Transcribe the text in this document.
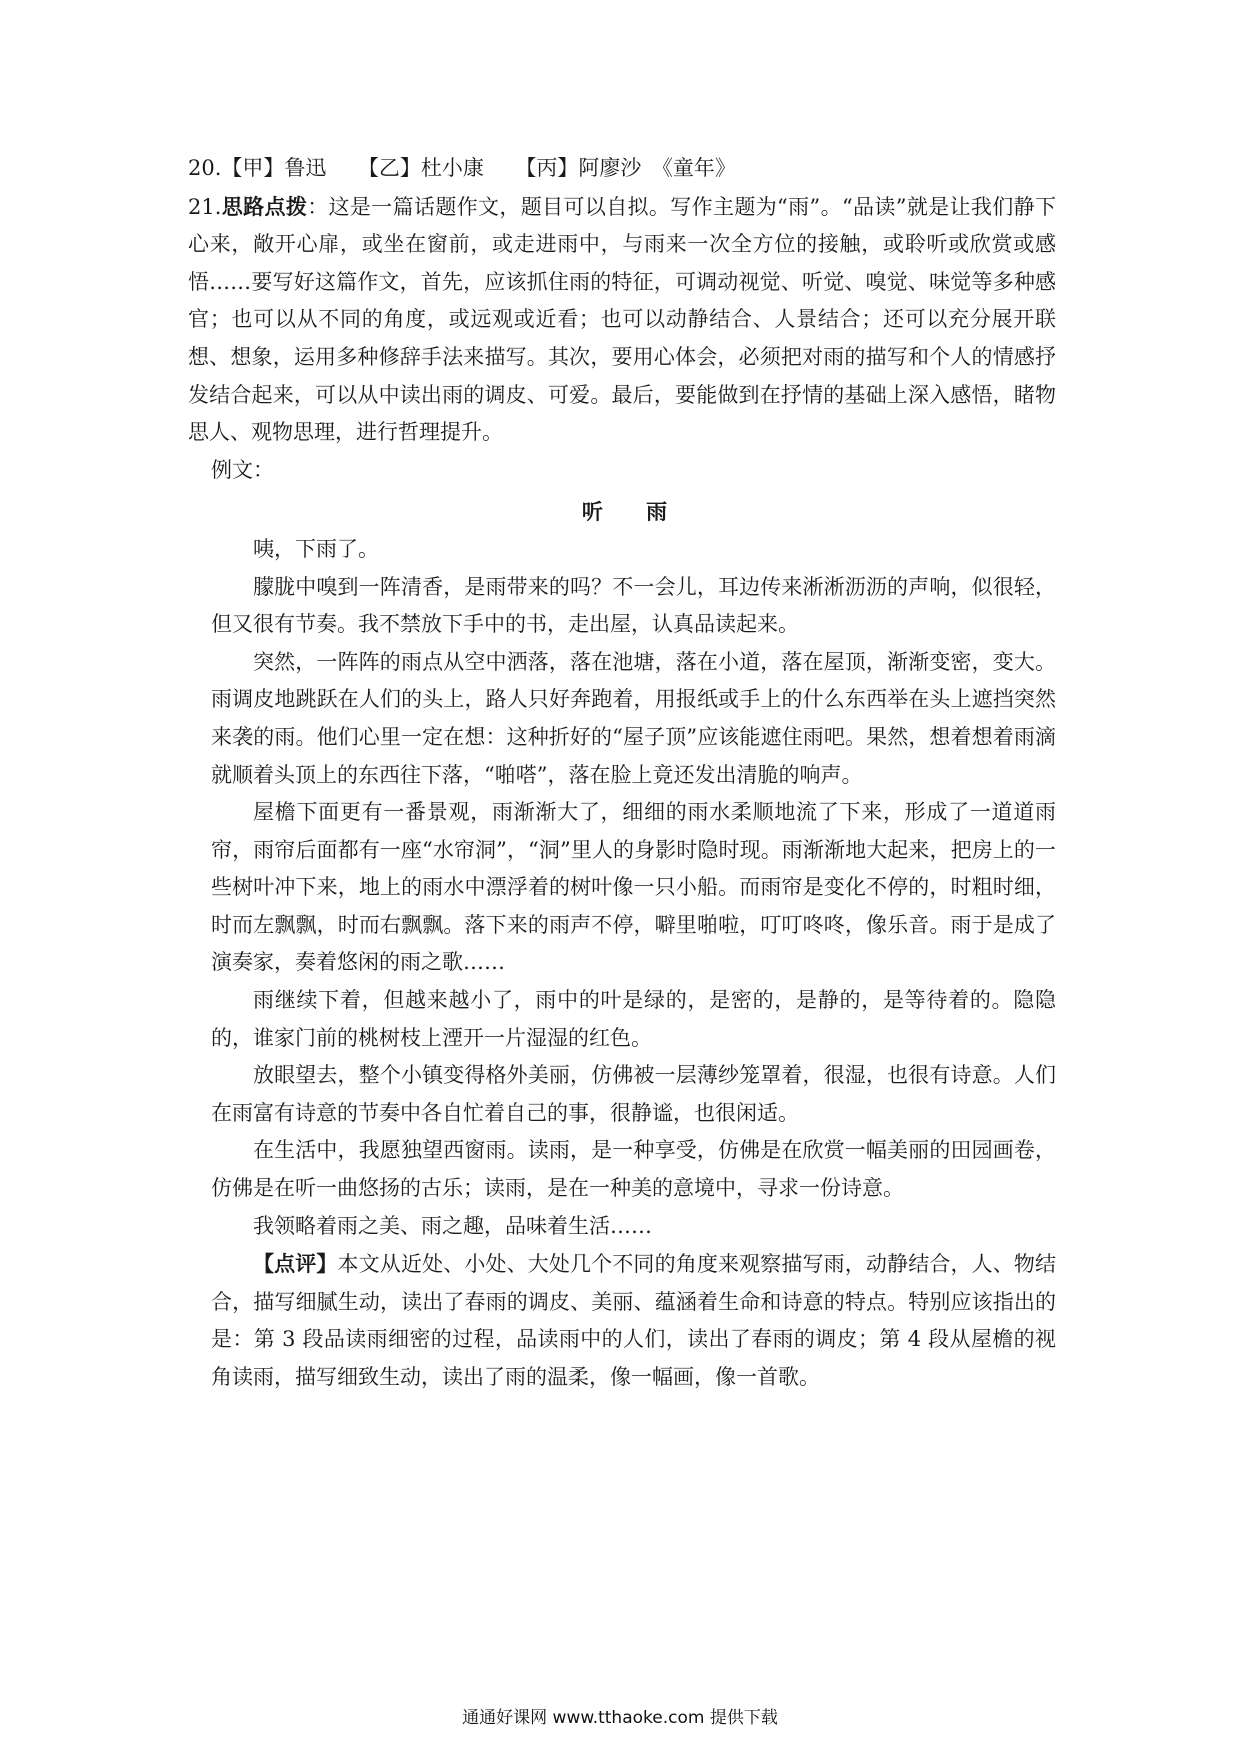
20.【甲】鲁迅　　【乙】杜小康　　【丙】阿廖沙　《童年》

21.思路点拨：这是一篇话题作文，题目可以自拟。写作主题为“雨”。“品读”就是让我们静下心来，敞开心扉，或坐在窗前，或走进雨中，与雨来一次全方位的接触，或聆听或欣赏或感悟……要写好这篇作文，首先，应该抓住雨的特征，可调动视觉、听觉、嗅觉、味觉等多种感官；也可以从不同的角度，或远观或近看；也可以动静结合、人景结合；还可以充分展开联想、想象，运用多种修辞手法来描写。其次，要用心体会，必须把对雨的描写和个人的情感抒发结合起来，可以从中读出雨的调皮、可爱。最后，要能做到在抒情的基础上深入感悟，睹物思人、观物思理，进行哲理提升。

例文：

听 雨

咦，下雨了。

朦胧中嗅到一阵清香，是雨带来的吗？不一会儿，耳边传来淅淅沥沥的声响，似很轻，但又很有节奏。我不禁放下手中的书，走出屋，认真品读起来。

突然，一阵阵的雨点从空中洒落，落在池塘，落在小道，落在屋顶，渐渐变密，变大。雨调皮地跳跃在人们的头上，路人只好奔跑着，用报纸或手上的什么东西举在头上遮挡突然来袭的雨。他们心里一定在想：这种折好的“屋子顶”应该能遮住雨吧。果然，想着想着雨滴就顺着头顶上的东西往下落，“啪嗒”，落在脸上竟还发出清脆的响声。

屋檐下面更有一番景观，雨渐渐大了，细细的雨水柔顺地流了下来，形成了一道道雨帘，雨帘后面都有一座“水帘洞”，“洞”里人的身影时隐时现。雨渐渐地大起来，把房上的一些树叶冲下来，地上的雨水中漂浮着的树叶像一只小船。而雨帘是变化不停的，时粗时细，时而左飘飘，时而右飘飘。落下来的雨声不停，噼里啪啦，叮叮咚咚，像乐音。雨于是成了演奏家，奏着悠闲的雨之歌……

雨继续下着，但越来越小了，雨中的叶是绿的，是密的，是静的，是等待着的。隐隐的，谁家门前的桃树枝上湮开一片湿湿的红色。

放眼望去，整个小镇变得格外美丽，仿佛被一层薄纱笼罩着，很湿，也很有诗意。人们在雨富有诗意的节奏中各自忙着自己的事，很静谧，也很闲适。

在生活中，我愿独望西窗雨。读雨，是一种享受，仿佛是在欣赏一幅美丽的田园画卷，仿佛是在听一曲悠扬的古乐；读雨，是在一种美的意境中，寻求一份诗意。

我领略着雨之美、雨之趣，品味着生活……

【点评】本文从近处、小处、大处几个不同的角度来观察描写雨，动静结合，人、物结合，描写细腻生动，读出了春雨的调皮、美丽、蕴涵着生命和诗意的特点。特别应该指出的是：第 3 段品读雨细密的过程，品读雨中的人们，读出了春雨的调皮；第 4 段从屋檐的视角读雨，描写细致生动，读出了雨的温柔，像一幅画，像一首歌。

通通好课网 www.tthaoke.com 提供下载
